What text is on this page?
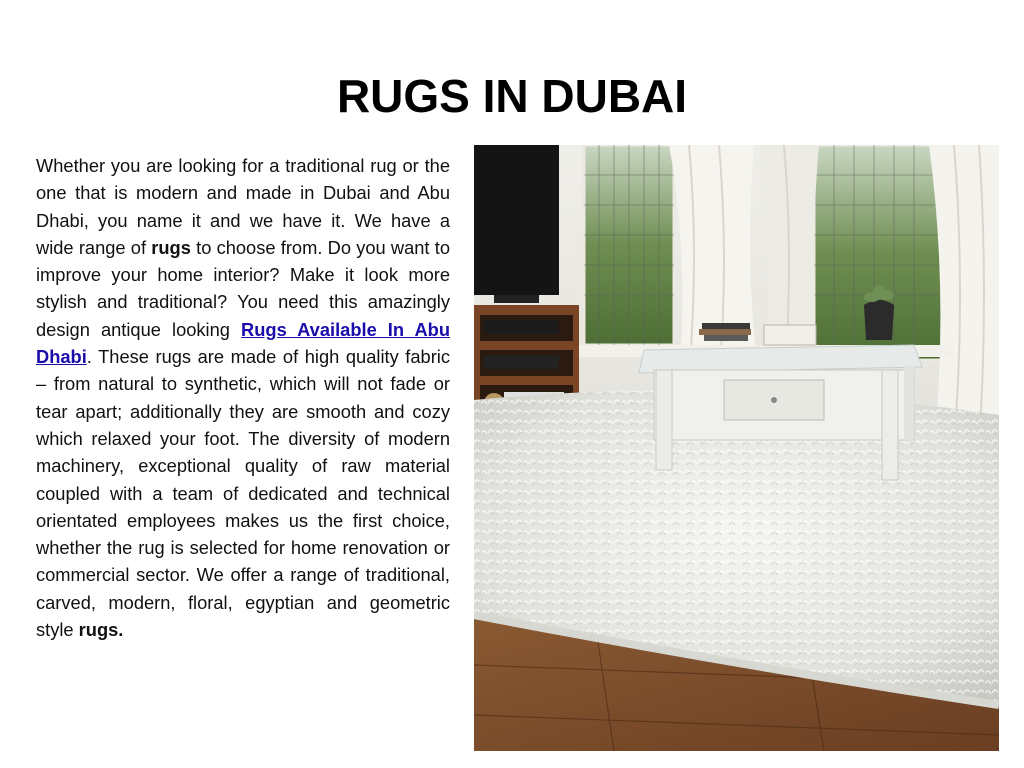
RUGS IN DUBAI
Whether you are looking for a traditional rug or the one that is modern and made in Dubai and Abu Dhabi, you name it and we have it. We have a wide range of rugs to choose from. Do you want to improve your home interior? Make it look more stylish and traditional? You need this amazingly design antique looking Rugs Available In Abu Dhabi. These rugs are made of high quality fabric – from natural to synthetic, which will not fade or tear apart; additionally they are smooth and cozy which relaxed your foot. The diversity of modern machinery, exceptional quality of raw material coupled with a team of dedicated and technical orientated employees makes us the first choice, whether the rug is selected for home renovation or commercial sector. We offer a range of traditional, carved, modern, floral, egyptian and geometric style rugs.
